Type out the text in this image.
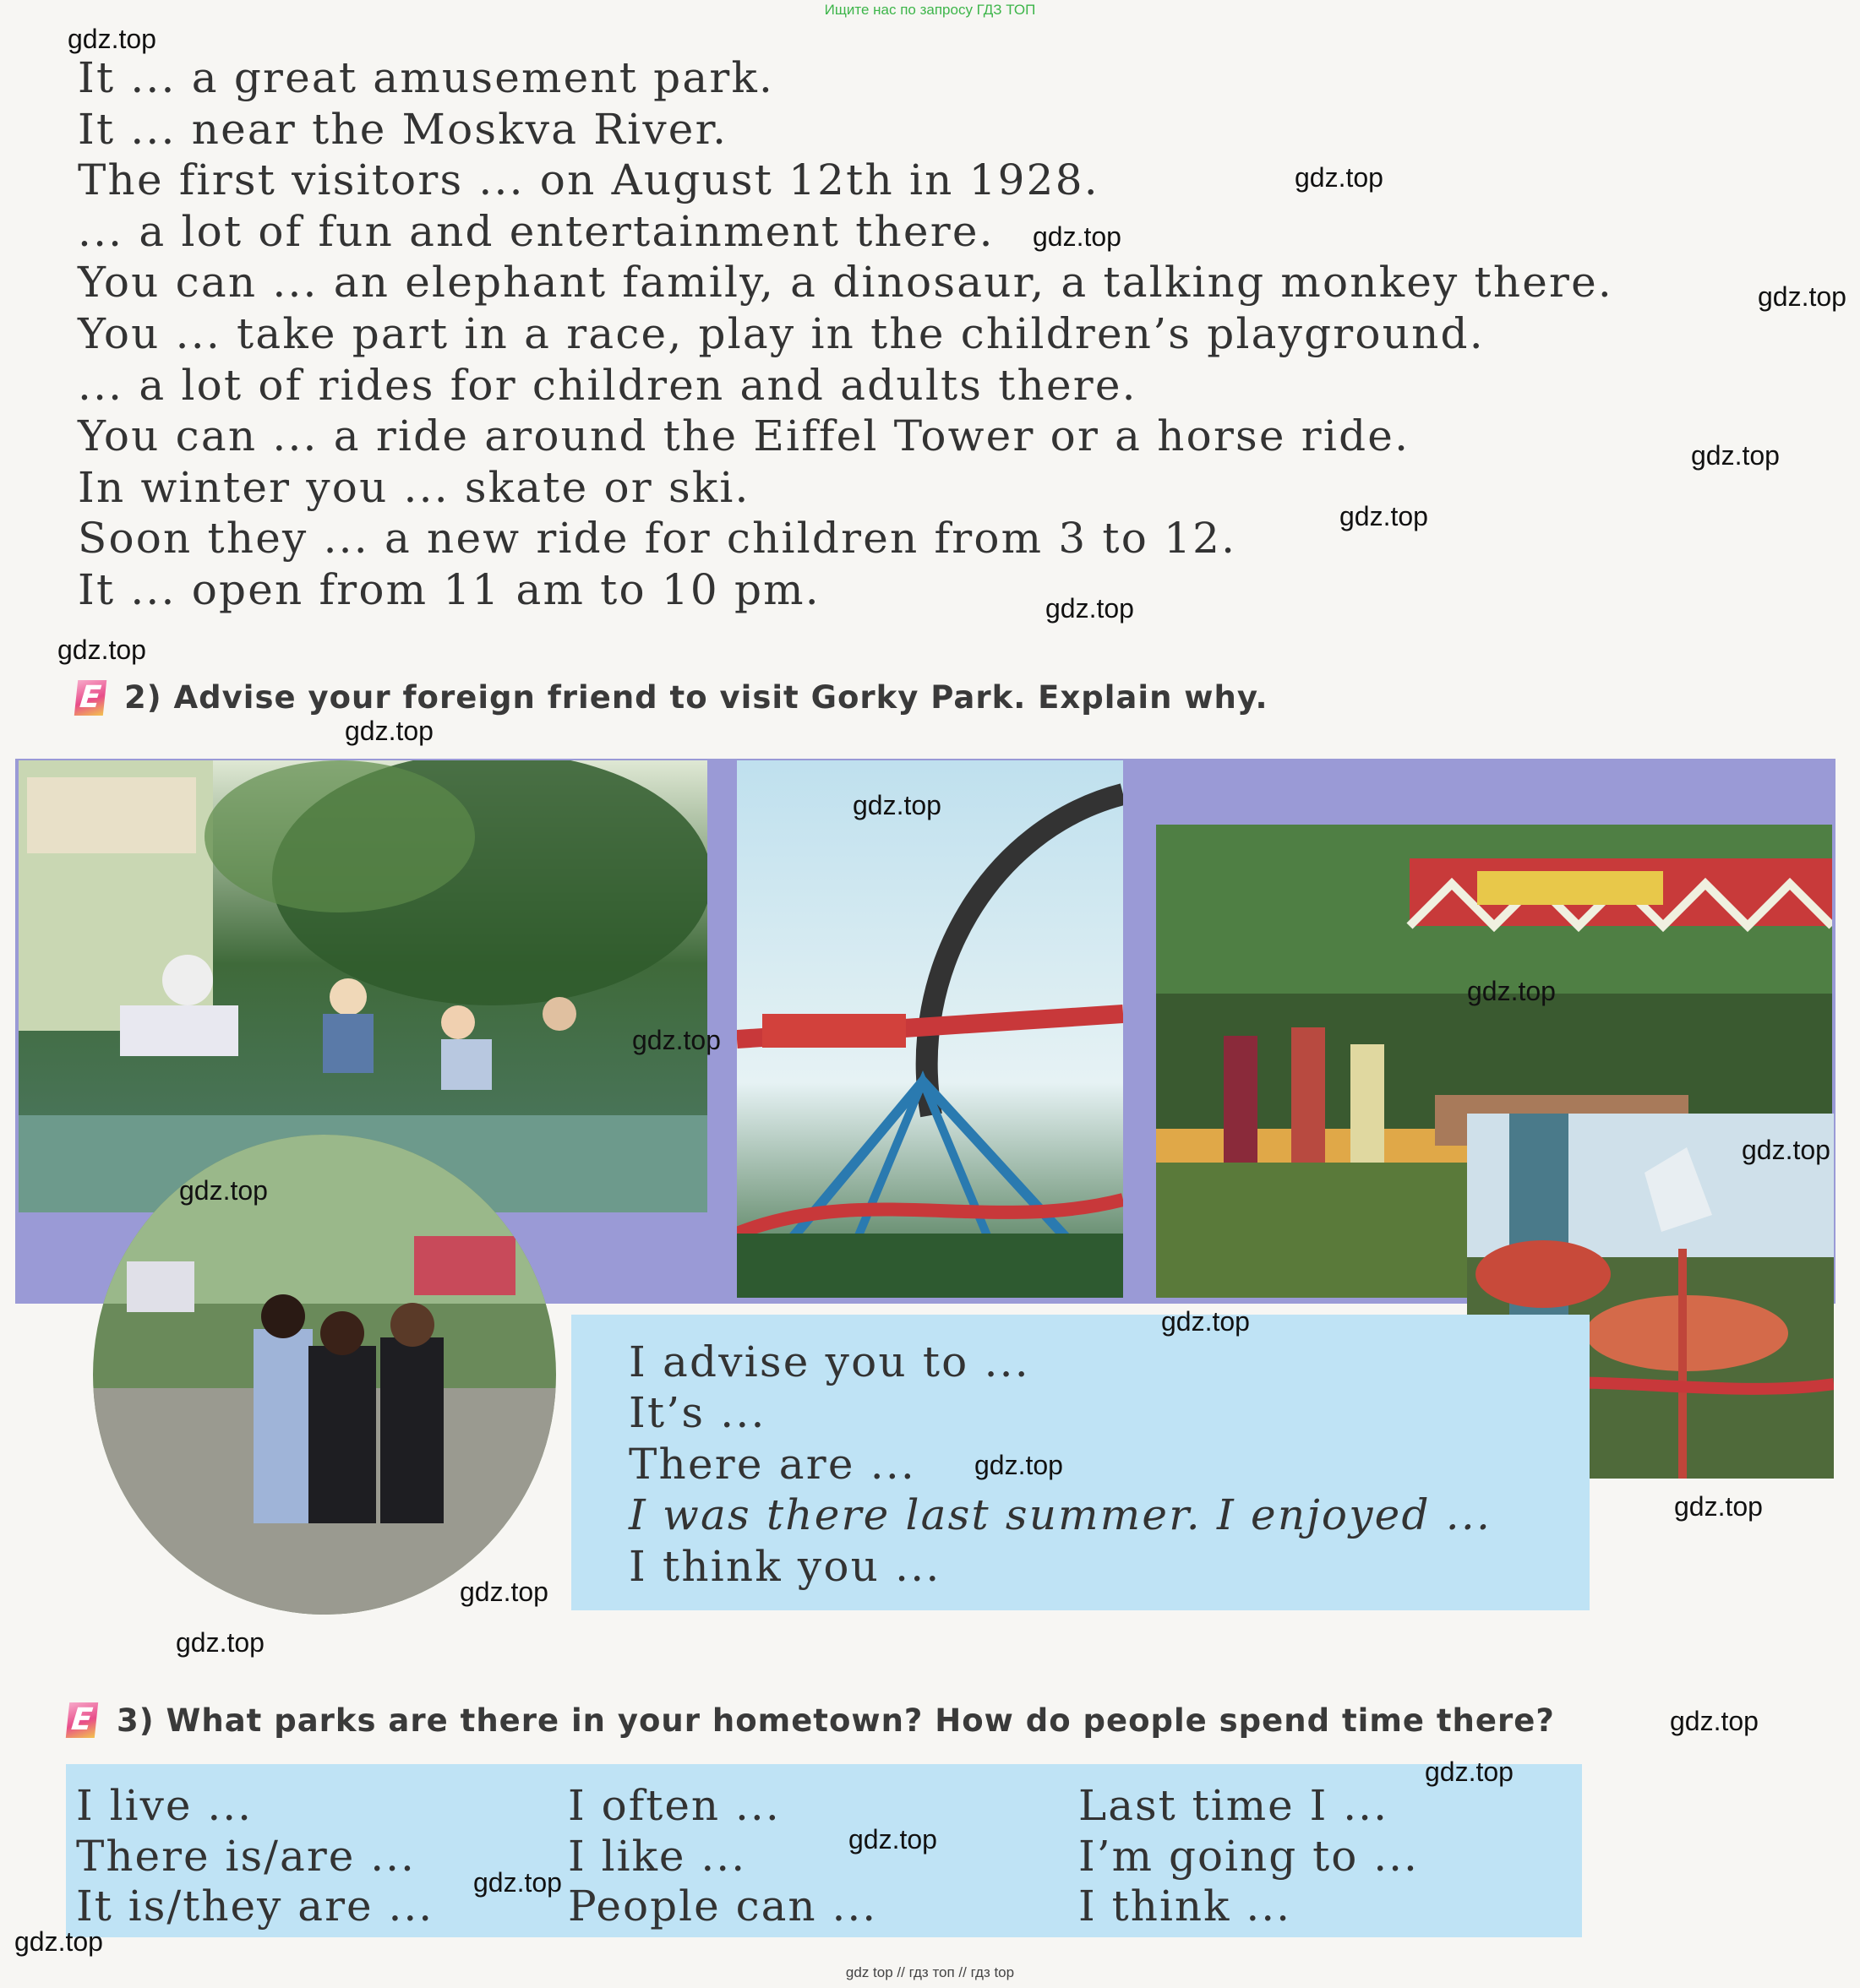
Ищите нас по запросу ГДЗ ТОП
It ... a great amusement park.
It ... near the Moskva River.
The first visitors ... on August 12th in 1928.
... a lot of fun and entertainment there.
You can ... an elephant family, a dinosaur, a talking monkey there.
You ... take part in a race, play in the children’s playground.
... a lot of rides for children and adults there.
You can ... a ride around the Eiffel Tower or a horse ride.
In winter you ... skate or ski.
Soon they ... a new ride for children from 3 to 12.
It ... open from 11 am to 10 pm.
E 2) Advise your foreign friend to visit Gorky Park. Explain why.
I advise you to ...
It’s ...
There are ...
I was there last summer. I enjoyed ...
I think you ...
E 3) What parks are there in your hometown? How do people spend time there?
I live ...
There is/are ...
It is/they are ...
I often ...
I like ...
People can ...
Last time I ...
I’m going to ...
I think ...
gdz.top
gdz.top
gdz.top
gdz.top
gdz.top
gdz.top
gdz.top
gdz.top
gdz.top
gdz.top
gdz.top
gdz.top
gdz.top
gdz.top
gdz.top
gdz.top
gdz.top
gdz.top
gdz.top
gdz.top
gdz.top
gdz.top
gdz.top
gdz.top
gdz top // гдз топ // гдз top
